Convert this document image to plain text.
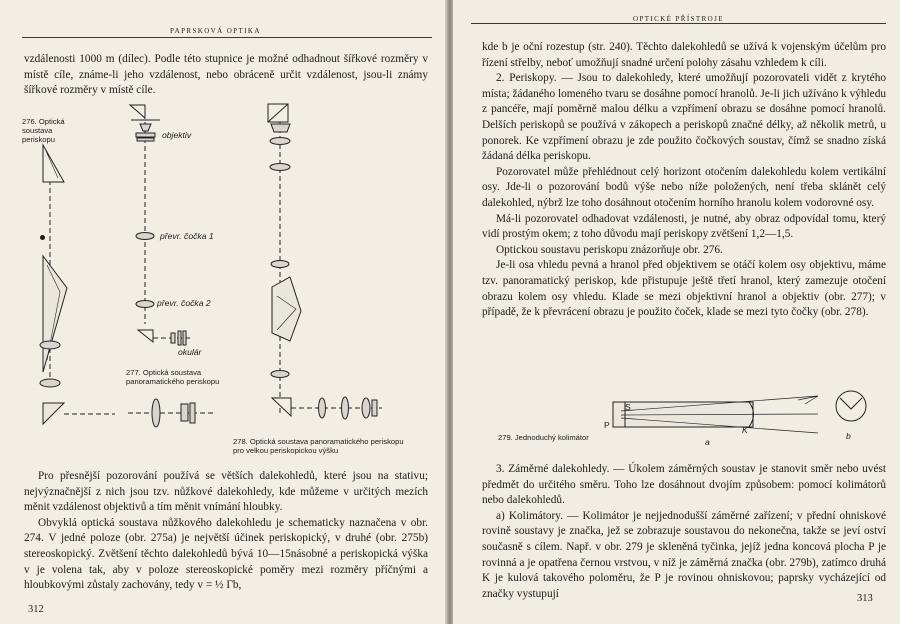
PAPRSKOVÁ OPTIKA

vzdálenosti 1000 m (dílec). Podle této stupnice je možné odhadnout šířkové rozměry v místě cíle, známe-li jeho vzdálenost, nebo obráceně určit vzdálenost, jsou-li známy šířkové rozměry v místě cíle.

276. Optická soustava periskopu	objektiv
převr. čočka 1
převr. čočka 2
okulár
277. Optická soustava panoramatického periskopu
278. Optická soustava panoramatického periskopu pro velkou periskopickou výšku

Pro přesnější pozorování používá se větších dalekohledů, které jsou na stativu; nejvýznačnější z nich jsou tzv. nůžkové dalekohledy, kde můžeme v určitých mezích měnit vzdálenost objektivů a tím měnit vnímání hloubky.

Obvyklá optická soustava nůžkového dalekohledu je schematicky naznačena v obr. 274. V jedné poloze (obr. 275a) je největší účinek periskopický, v druhé (obr. 275b) stereoskopický. Zvětšení těchto dalekohledů bývá 10—15násobné a periskopická výška v je volena tak, aby v poloze stereoskopické poměry mezi rozměry příčnými a hloubkovými zůstaly zachovány, tedy v = ½ Γb,

312
OPTICKÉ PŘÍSTROJE

kde b je oční rozestup (str. 240). Těchto dalekohledů se užívá k vojenským účelům pro řízení střelby, neboť umožňují snadné určení polohy zásahu vzhledem k cíli.

2. Periskopy. — Jsou to dalekohledy, které umožňují pozorovateli vidět z krytého místa; žádaného lomeného tvaru se dosáhne pomocí hranolů. Je-li jich užíváno k výhledu z pancéře, mají poměrně malou délku a vzpřímení obrazu se dosáhne pomocí hranolů. Delších periskopů se používá v zákopech a periskopů značné délky, až několik metrů, u ponorek. Ke vzpřímení obrazu je zde použito čočkových soustav, čímž se snadno získá žádaná délka periskopu.

Pozorovatel může přehlédnout celý horizont otočením dalekohledu kolem vertikální osy. Jde-li o pozorování bodů výše nebo níže položených, není třeba sklánět celý dalekohled, nýbrž lze toho dosáhnout otočením horního hranolu kolem vodorovné osy.

Má-li pozorovatel odhadovat vzdálenosti, je nutné, aby obraz odpovídal tomu, který vidí prostým okem; z toho důvodu mají periskopy zvětšení 1,2—1,5.

Optickou soustavu periskopu znázorňuje obr. 276.

Je-li osa vhledu pevná a hranol před objektivem se otáčí kolem osy objektivu, máme tzv. panoramatický periskop, kde přistupuje ještě třetí hranol, který zamezuje otočení obrazu kolem osy vhledu. Klade se mezi objektivní hranol a objektiv (obr. 277); v případě, že k převrácení obrazu je použito čoček, klade se mezi tyto čočky (obr. 278).

S
P	K
279. Jednoduchý kolimátor	a
b

3. Záměrné dalekohledy. — Úkolem záměrných soustav je stanovit směr nebo uvést předmět do určitého směru. Toho lze dosáhnout dvojím způsobem: pomocí kolimátorů nebo dalekohledů.

a) Kolimátory. — Kolimátor je nejjednodušší záměrné zařízení; v přední ohniskové rovině soustavy je značka, jež se zobrazuje soustavou do nekonečna, takže se jeví oství současně s cílem. Např. v obr. 279 je skleněná tyčinka, jejíž jedna koncová plocha P je rovinná a je opatřena černou vrstvou, v níž je záměrná značka (obr. 279b), zatímco druhá K je kulová takového poloměru, že P je rovinou ohniskovou; paprsky vycházející od značky vystupují	313
